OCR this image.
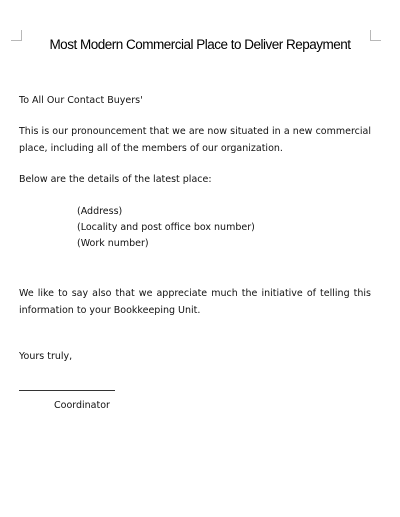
Most Modern Commercial Place to Deliver Repayment
To All Our Contact Buyers'
This is our pronouncement that we are now situated in a new commercial place, including all of the members of our organization.
Below are the details of the latest place:
(Address)
(Locality and post office box number)
(Work number)
We like to say also that we appreciate much the initiative of telling this information to your Bookkeeping Unit.
Yours truly,
Coordinator
